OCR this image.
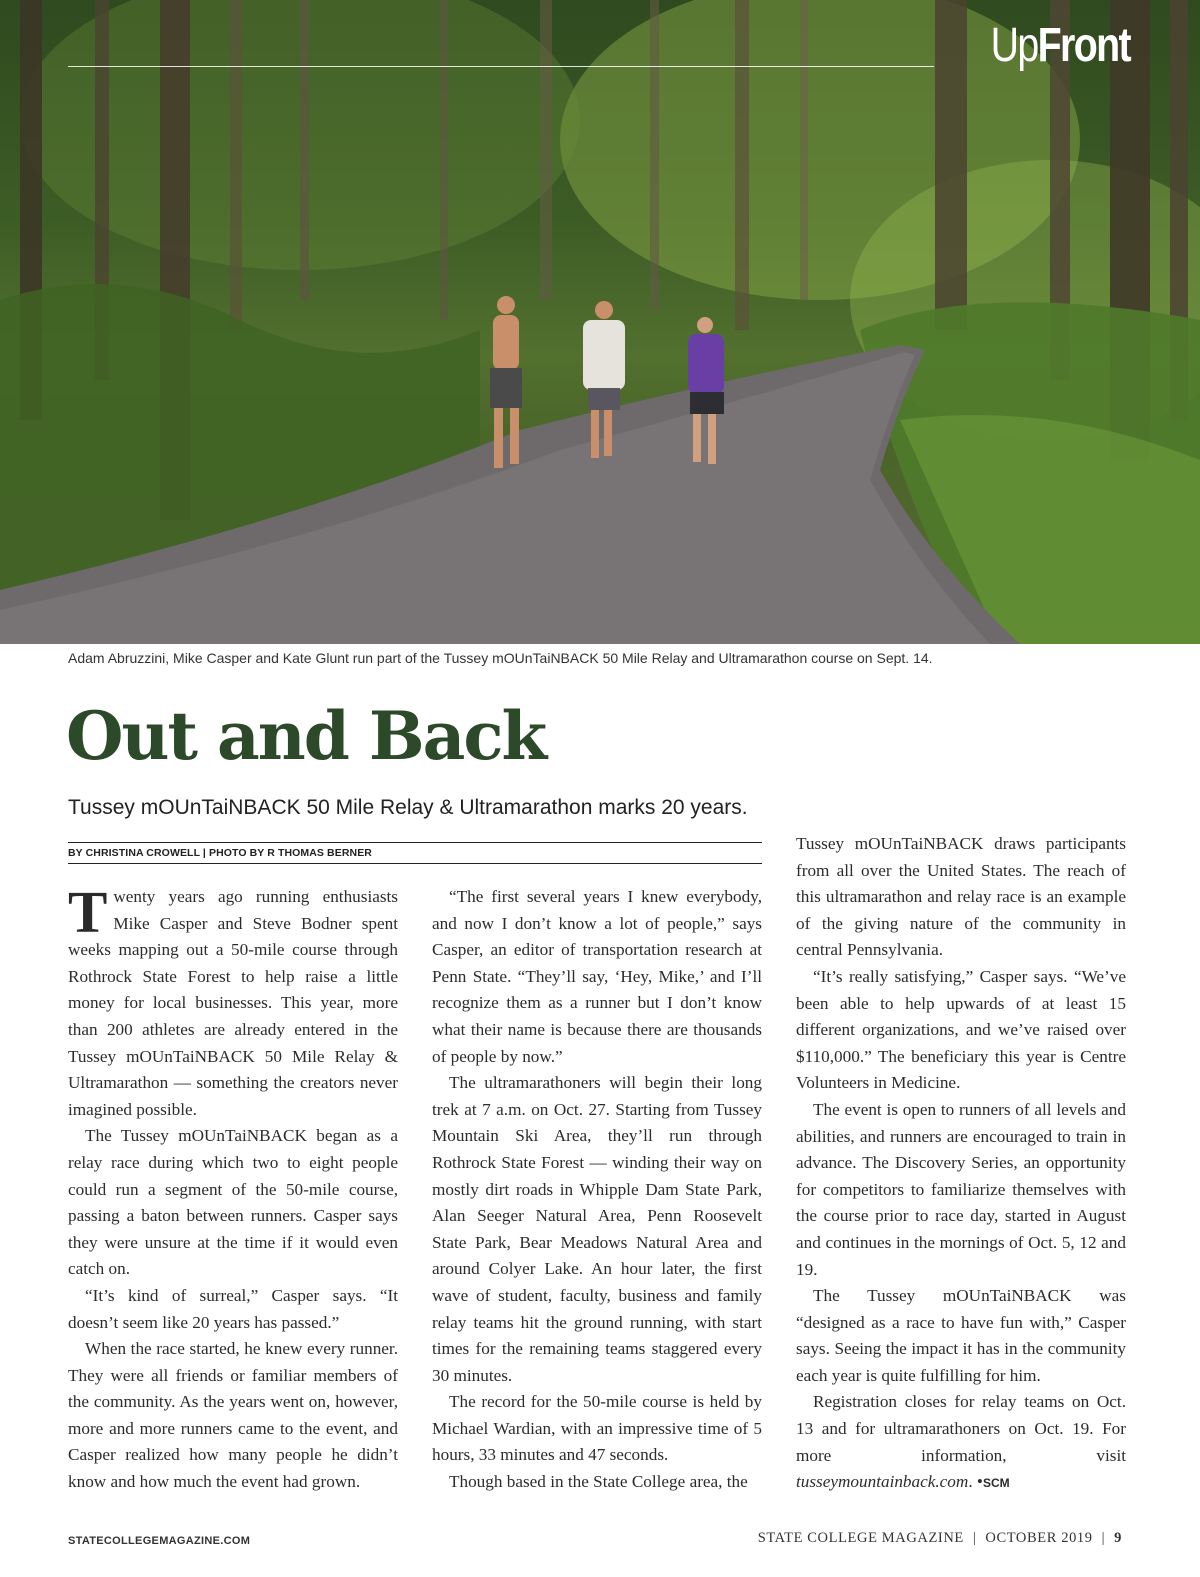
UpFront
Adam Abruzzini, Mike Casper and Kate Glunt run part of the Tussey mOUnTaiNBACK 50 Mile Relay and Ultramarathon course on Sept. 14.
Out and Back

Tussey mOUnTaiNBACK 50 Mile Relay & Ultramarathon marks 20 years.

BY CHRISTINA CROWELL | PHOTO BY R THOMAS BERNER

Twenty years ago running enthusiasts Mike Casper and Steve Bodner spent weeks mapping out a 50-mile course through Rothrock State Forest to help raise a little money for local businesses. This year, more than 200 athletes are already entered in the Tussey mOUnTaiNBACK 50 Mile Relay & Ultramarathon — something the creators never imagined possible.

The Tussey mOUnTaiNBACK began as a relay race during which two to eight people could run a segment of the 50-mile course, passing a baton between runners. Casper says they were unsure at the time if it would even catch on.

“It’s kind of surreal,” Casper says. “It doesn’t seem like 20 years has passed.”

When the race started, he knew every runner. They were all friends or familiar members of the community. As the years went on, however, more and more runners came to the event, and Casper realized how many people he didn’t know and how much the event had grown.

“The first several years I knew everybody, and now I don’t know a lot of people,” says Casper, an editor of transportation research at Penn State. “They’ll say, ‘Hey, Mike,’ and I’ll recognize them as a runner but I don’t know what their name is because there are thousands of people by now.”

The ultramarathoners will begin their long trek at 7 a.m. on Oct. 27. Starting from Tussey Mountain Ski Area, they’ll run through Rothrock State Forest — winding their way on mostly dirt roads in Whipple Dam State Park, Alan Seeger Natural Area, Penn Roosevelt State Park, Bear Meadows Natural Area and around Colyer Lake. An hour later, the first wave of student, faculty, business and family relay teams hit the ground running, with start times for the remaining teams staggered every 30 minutes.

The record for the 50-mile course is held by Michael Wardian, with an impressive time of 5 hours, 33 minutes and 47 seconds.

Though based in the State College area, the

Tussey mOUnTaiNBACK draws participants from all over the United States. The reach of this ultramarathon and relay race is an example of the giving nature of the community in central Pennsylvania.

“It’s really satisfying,” Casper says. “We’ve been able to help upwards of at least 15 different organizations, and we’ve raised over $110,000.” The beneficiary this year is Centre Volunteers in Medicine.

The event is open to runners of all levels and abilities, and runners are encouraged to train in advance. The Discovery Series, an opportunity for competitors to familiarize themselves with the course prior to race day, started in August and continues in the mornings of Oct. 5, 12 and 19.

The Tussey mOUnTaiNBACK was “designed as a race to have fun with,” Casper says. Seeing the impact it has in the community each year is quite fulfilling for him.

Registration closes for relay teams on Oct. 13 and for ultramarathoners on Oct. 19. For more information, visit tusseymountainback.com. •SCM

STATECOLLEGEMAGAZINE.COM	STATE COLLEGE MAGAZINE | OCTOBER 2019 | 9
